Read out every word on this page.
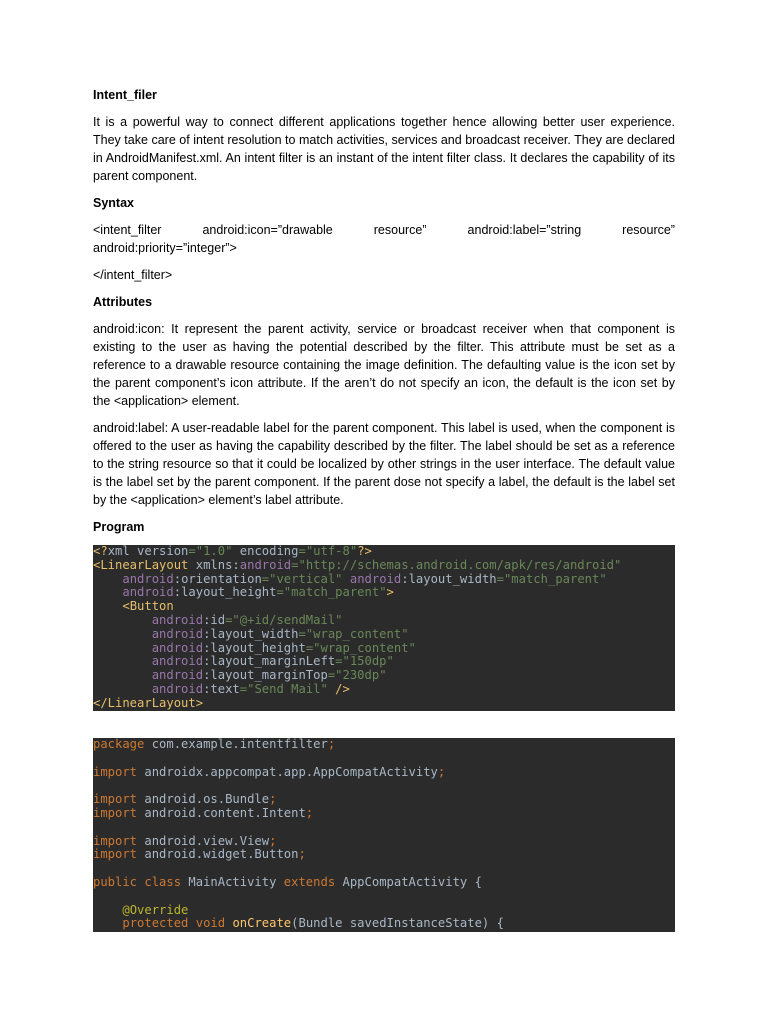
Intent_filer

It is a powerful way to connect different applications together hence allowing better user experience. They take care of intent resolution to match activities, services and broadcast receiver. They are declared in AndroidManifest.xml. An intent filter is an instant of the intent filter class. It declares the capability of its parent component.

Syntax
<intent_filter	android:icon=”drawable	resource”	android:label=”string	resource”
android:priority=”integer”>

</intent_filter>

Attributes

android:icon: It represent the parent activity, service or broadcast receiver when that component is existing to the user as having the potential described by the filter. This attribute must be set as a reference to a drawable resource containing the image definition. The defaulting value is the icon set by the parent component’s icon attribute. If the aren’t do not specify an icon, the default is the icon set by the <application> element.

android:label: A user-readable label for the parent component. This label is used, when the component is offered to the user as having the capability described by the filter. The label should be set as a reference to the string resource so that it could be localized by other strings in the user interface. The default value is the label set by the parent component. If the parent dose not specify a label, the default is the label set by the <application> element’s label attribute.

Program
<?xml version="1.0" encoding="utf-8"?>
<LinearLayout xmlns:android="http://schemas.android.com/apk/res/android"
android:orientation="vertical" android:layout_width="match_parent"
android:layout_height="match_parent">
<Button
android:id="@+id/sendMail"
android:layout_width="wrap_content"
android:layout_height="wrap_content"
android:layout_marginLeft="150dp"
android:layout_marginTop="230dp"
android:text="Send Mail" />
</LinearLayout>
package com.example.intentfilter;

import androidx.appcompat.app.AppCompatActivity;

import android.os.Bundle;
import android.content.Intent;

import android.view.View;
import android.widget.Button;

public class MainActivity extends AppCompatActivity {

@Override
protected void onCreate(Bundle savedInstanceState) {
